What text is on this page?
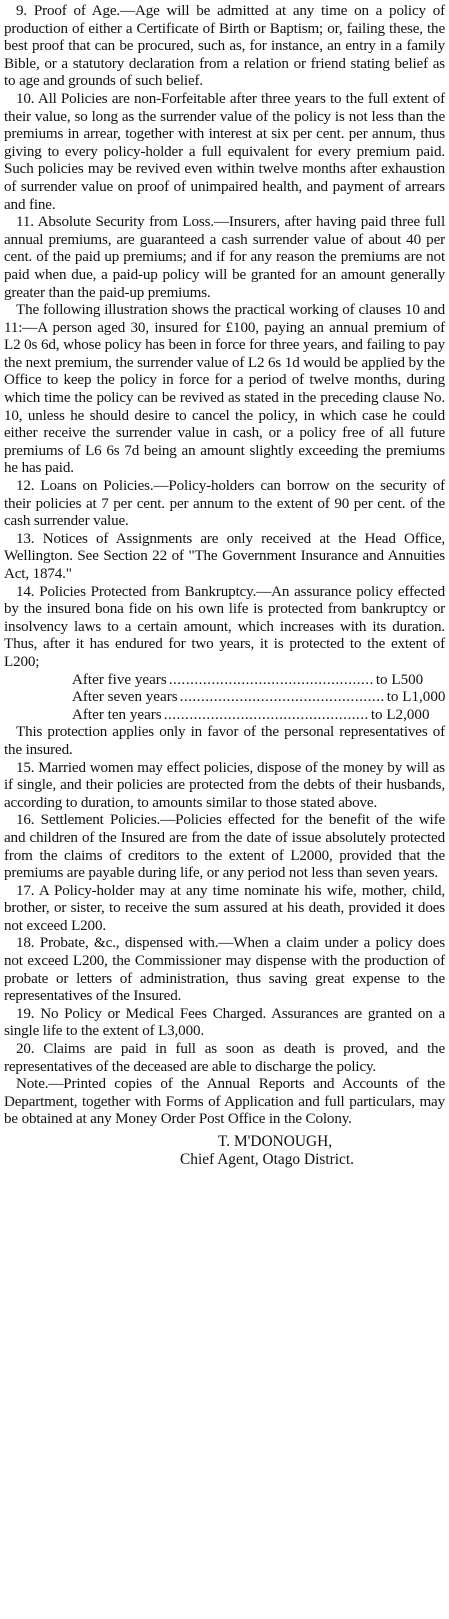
9. Proof of Age.—Age will be admitted at any time on a policy of production of either a Certificate of Birth or Baptism; or, failing these, the best proof that can be procured, such as, for instance, an entry in a family Bible, or a statutory declaration from a relation or friend stating belief as to age and grounds of such belief.

10. All Policies are non-Forfeitable after three years to the full extent of their value, so long as the surrender value of the policy is not less than the premiums in arrear, together with interest at six per cent. per annum, thus giving to every policy-holder a full equivalent for every premium paid. Such policies may be revived even within twelve months after exhaustion of surrender value on proof of unimpaired health, and payment of arrears and fine.

11. Absolute Security from Loss.—Insurers, after having paid three full annual premiums, are guaranteed a cash surrender value of about 40 per cent. of the paid up premiums; and if for any reason the premiums are not paid when due, a paid-up policy will be granted for an amount generally greater than the paid-up premiums.

The following illustration shows the practical working of clauses 10 and 11:—A person aged 30, insured for £100, paying an annual premium of L2 0s 6d, whose policy has been in force for three years, and failing to pay the next premium, the surrender value of L2 6s 1d would be applied by the Office to keep the policy in force for a period of twelve months, during which time the policy can be revived as stated in the preceding clause No. 10, unless he should desire to cancel the policy, in which case he could either receive the surrender value in cash, or a policy free of all future premiums of L6 6s 7d being an amount slightly exceeding the premiums he has paid.

12. Loans on Policies.—Policy-holders can borrow on the security of their policies at 7 per cent. per annum to the extent of 90 per cent. of the cash surrender value.

13. Notices of Assignments are only received at the Head Office, Wellington. See Section 22 of "The Government Insurance and Annuities Act, 1874."

14. Policies Protected from Bankruptcy.—An assurance policy effected by the insured bona fide on his own life is protected from bankruptcy or insolvency laws to a certain amount, which increases with its duration. Thus, after it has endured for two years, it is protected to the extent of L200;

After five years ................................................ to L500
After seven years ................................................ to L1,000
After ten years ................................................ to L2,000

This protection applies only in favor of the personal representatives of the insured.

15. Married women may effect policies, dispose of the money by will as if single, and their policies are protected from the debts of their husbands, according to duration, to amounts similar to those stated above.

16. Settlement Policies.—Policies effected for the benefit of the wife and children of the Insured are from the date of issue absolutely protected from the claims of creditors to the extent of L2000, provided that the premiums are payable during life, or any period not less than seven years.

17. A Policy-holder may at any time nominate his wife, mother, child, brother, or sister, to receive the sum assured at his death, provided it does not exceed L200.

18. Probate, &c., dispensed with.—When a claim under a policy does not exceed L200, the Commissioner may dispense with the production of probate or letters of administration, thus saving great expense to the representatives of the Insured.

19. No Policy or Medical Fees Charged. Assurances are granted on a single life to the extent of L3,000.

20. Claims are paid in full as soon as death is proved, and the representatives of the deceased are able to discharge the policy.

Note.—Printed copies of the Annual Reports and Accounts of the Department, together with Forms of Application and full particulars, may be obtained at any Money Order Post Office in the Colony.

T. M'DONOUGH,
Chief Agent, Otago District.
